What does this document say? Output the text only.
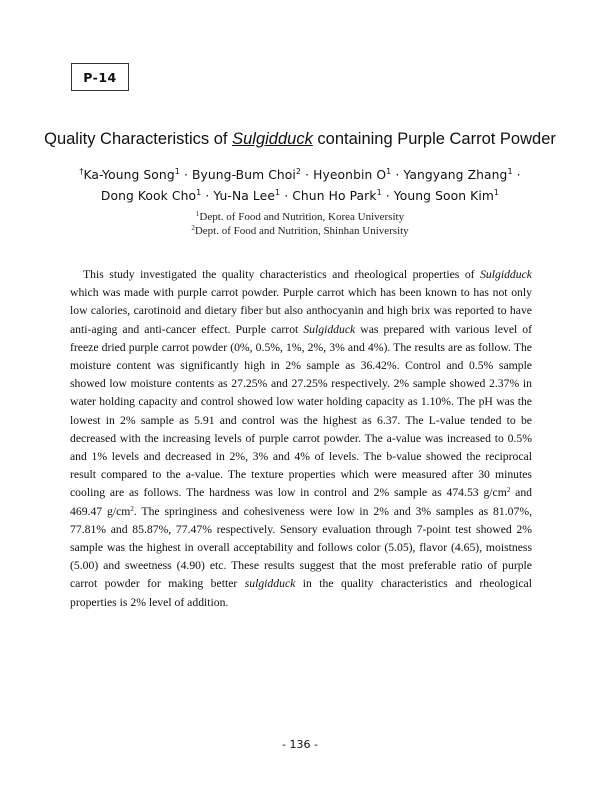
P-14
Quality Characteristics of Sulgidduck containing Purple Carrot Powder
†Ka-Young Song$^1$ · Byung-Bum Choi$^2$ · Hyeonbin $O^1$ · Yangyang Zhang$^1$ ·
Dong Kook Cho$^1$ · Yu-Na Lee$^1$ · Chun Ho Park$^1$ · Young Soon Kim$^1$
$^1$Dept. of Food and Nutrition, Korea University
$^2$Dept. of Food and Nutrition, Shinhan University
This study investigated the quality characteristics and rheological properties of Sulgidduck which was made with purple carrot powder. Purple carrot which has been known to has not only low calories, carotinoid and dietary fiber but also anthocyanin and high brix was reported to have anti-aging and anti-cancer effect. Purple carrot Sulgidduck was prepared with various level of freeze dried purple carrot powder (0%, 0.5%, 1%, 2%, 3% and 4%). The results are as follow. The moisture content was significantly high in 2% sample as 36.42%. Control and 0.5% sample showed low moisture contents as 27.25% and 27.25% respectively. 2% sample showed 2.37% in water holding capacity and control showed low water holding capacity as 1.10%. The pH was the lowest in 2% sample as 5.91 and control was the highest as 6.37. The L-value tended to be decreased with the increasing levels of purple carrot powder. The a-value was increased to 0.5% and 1% levels and decreased in 2%, 3% and 4% of levels. The b-value showed the reciprocal result compared to the a-value. The texture properties which were measured after 30 minutes cooling are as follows. The hardness was low in control and 2% sample as 474.53 $g/cm^2$ and 469.47 $g/cm^2$. The springiness and cohesiveness were low in 2% and 3% samples as 81.07%, 77.81% and 85.87%, 77.47% respectively. Sensory evaluation through 7-point test showed 2% sample was the highest in overall acceptability and follows color (5.05), flavor (4.65), moistness (5.00) and sweetness (4.90) etc. These results suggest that the most preferable ratio of purple carrot powder for making better sulgidduck in the quality characteristics and rheological properties is 2% level of addition.
- 136 -
